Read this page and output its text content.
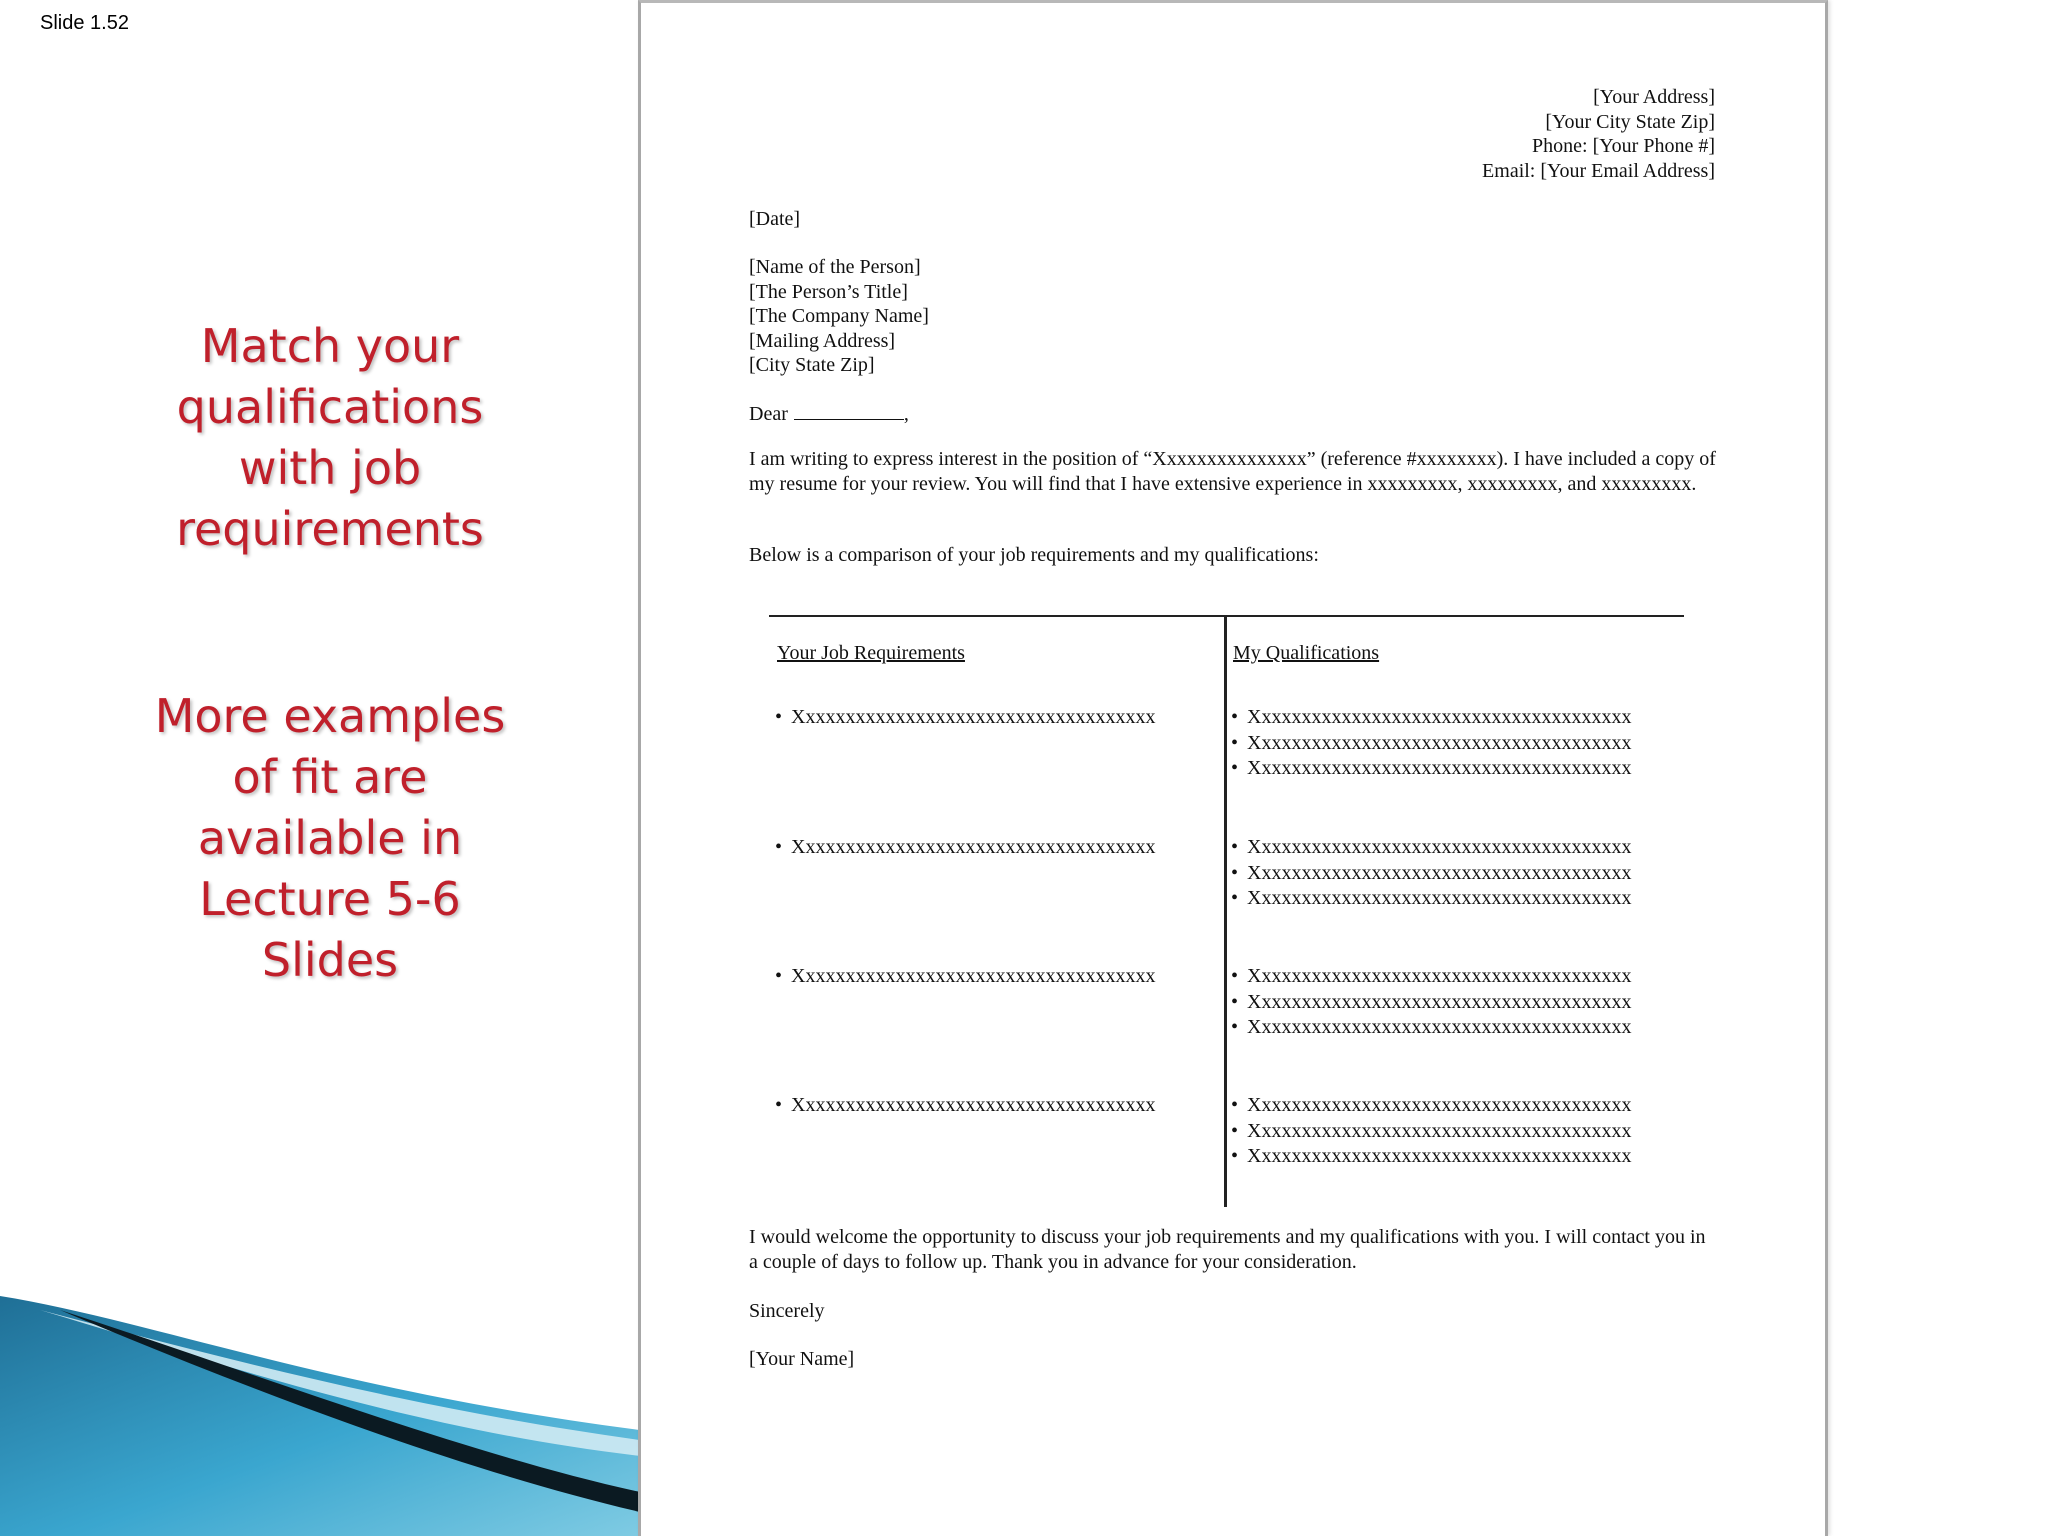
Slide 1.52
Match your
qualifications
with job
requirements
More examples
of fit are
available in
Lecture 5-6
Slides
[Your Address]
[Your City State Zip]
Phone: [Your Phone #]
Email: [Your Email Address]
[Date]
[Name of the Person]
[The Person’s Title]
[The Company Name]
[Mailing Address]
[City State Zip]
Dear	,
I am writing to express interest in the position of “Xxxxxxxxxxxxxxx” (reference #xxxxxxxx). I have included a copy of my resume for your review. You will find that I have extensive experience in xxxxxxxxx, xxxxxxxxx, and xxxxxxxxx.
Below is a comparison of your job requirements and my qualifications:
Your Job Requirements	My Qualifications
• Xxxxxxxxxxxxxxxxxxxxxxxxxxxxxxxxxxxx	• Xxxxxxxxxxxxxxxxxxxxxxxxxxxxxxxxxxxxxx
• Xxxxxxxxxxxxxxxxxxxxxxxxxxxxxxxxxxxxxx
• Xxxxxxxxxxxxxxxxxxxxxxxxxxxxxxxxxxxxxx
• Xxxxxxxxxxxxxxxxxxxxxxxxxxxxxxxxxxxx	• Xxxxxxxxxxxxxxxxxxxxxxxxxxxxxxxxxxxxxx
• Xxxxxxxxxxxxxxxxxxxxxxxxxxxxxxxxxxxxxx
• Xxxxxxxxxxxxxxxxxxxxxxxxxxxxxxxxxxxxxx
• Xxxxxxxxxxxxxxxxxxxxxxxxxxxxxxxxxxxx	• Xxxxxxxxxxxxxxxxxxxxxxxxxxxxxxxxxxxxxx
• Xxxxxxxxxxxxxxxxxxxxxxxxxxxxxxxxxxxxxx
• Xxxxxxxxxxxxxxxxxxxxxxxxxxxxxxxxxxxxxx
• Xxxxxxxxxxxxxxxxxxxxxxxxxxxxxxxxxxxx	• Xxxxxxxxxxxxxxxxxxxxxxxxxxxxxxxxxxxxxx
• Xxxxxxxxxxxxxxxxxxxxxxxxxxxxxxxxxxxxxx
• Xxxxxxxxxxxxxxxxxxxxxxxxxxxxxxxxxxxxxx
I would welcome the opportunity to discuss your job requirements and my qualifications with you. I will contact you in a couple of days to follow up. Thank you in advance for your consideration.
Sincerely
[Your Name]
